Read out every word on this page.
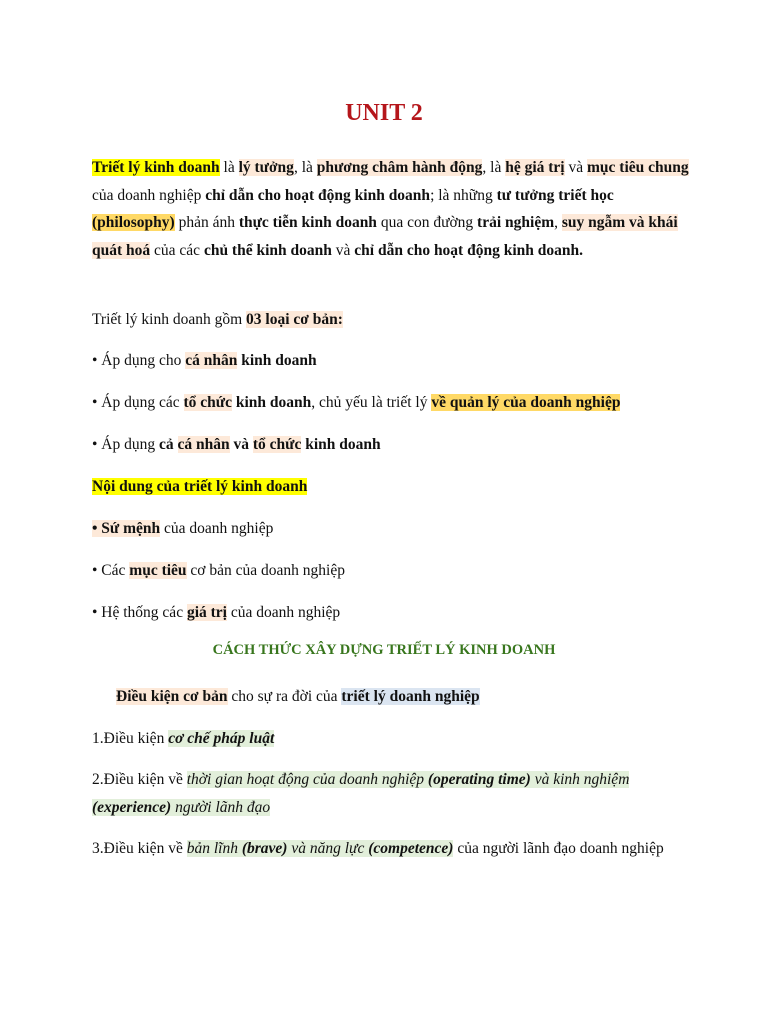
UNIT 2

Triết lý kinh doanh là lý tưởng, là phương châm hành động, là hệ giá trị và mục tiêu chung của doanh nghiệp chỉ dẫn cho hoạt động kinh doanh; là những tư tưởng triết học (philosophy) phản ánh thực tiễn kinh doanh qua con đường trải nghiệm, suy ngẫm và khái quát hoá của các chủ thể kinh doanh và chỉ dẫn cho hoạt động kinh doanh.

Triết lý kinh doanh gồm 03 loại cơ bản:

• Áp dụng cho cá nhân kinh doanh

• Áp dụng các tổ chức kinh doanh, chủ yếu là triết lý về quản lý của doanh nghiệp

• Áp dụng cả cá nhân và tổ chức kinh doanh

Nội dung của triết lý kinh doanh

• Sứ mệnh của doanh nghiệp

• Các mục tiêu cơ bản của doanh nghiệp

• Hệ thống các giá trị của doanh nghiệp

CÁCH THỨC XÂY DỰNG TRIẾT LÝ KINH DOANH

Điều kiện cơ bản cho sự ra đời của triết lý doanh nghiệp

1.Điều kiện cơ chế pháp luật

2.Điều kiện về thời gian hoạt động của doanh nghiệp (operating time) và kinh nghiệm (experience) người lãnh đạo

3.Điều kiện về bản lĩnh (brave) và năng lực (competence) của người lãnh đạo doanh nghiệp
